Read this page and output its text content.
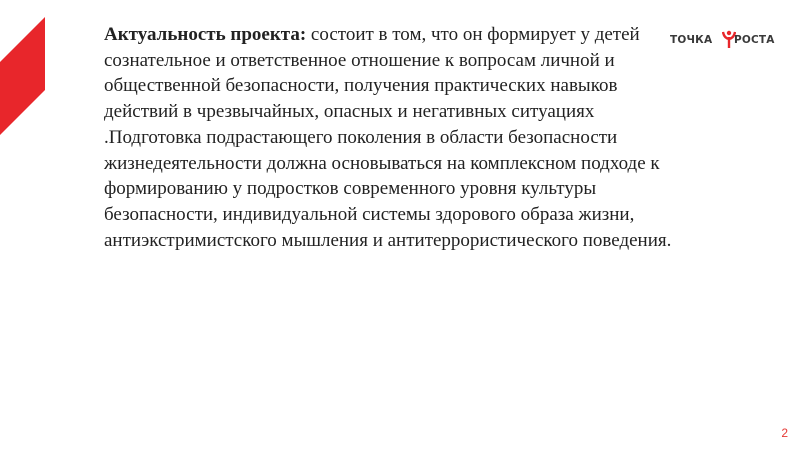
ТОЧКА РОСТА

Актуальность проекта: состоит в том, что он формирует у детей сознательное и ответственное отношение к вопросам личной и общественной безопасности, получения практических навыков действий в чрезвычайных, опасных и негативных ситуациях .Подготовка подрастающего поколения в области безопасности жизнедеятельности должна основываться на комплексном подходе к формированию у подростков современного уровня культуры безопасности, индивидуальной системы здорового образа жизни, антиэкстримистского мышления и антитеррористического поведения.

2
